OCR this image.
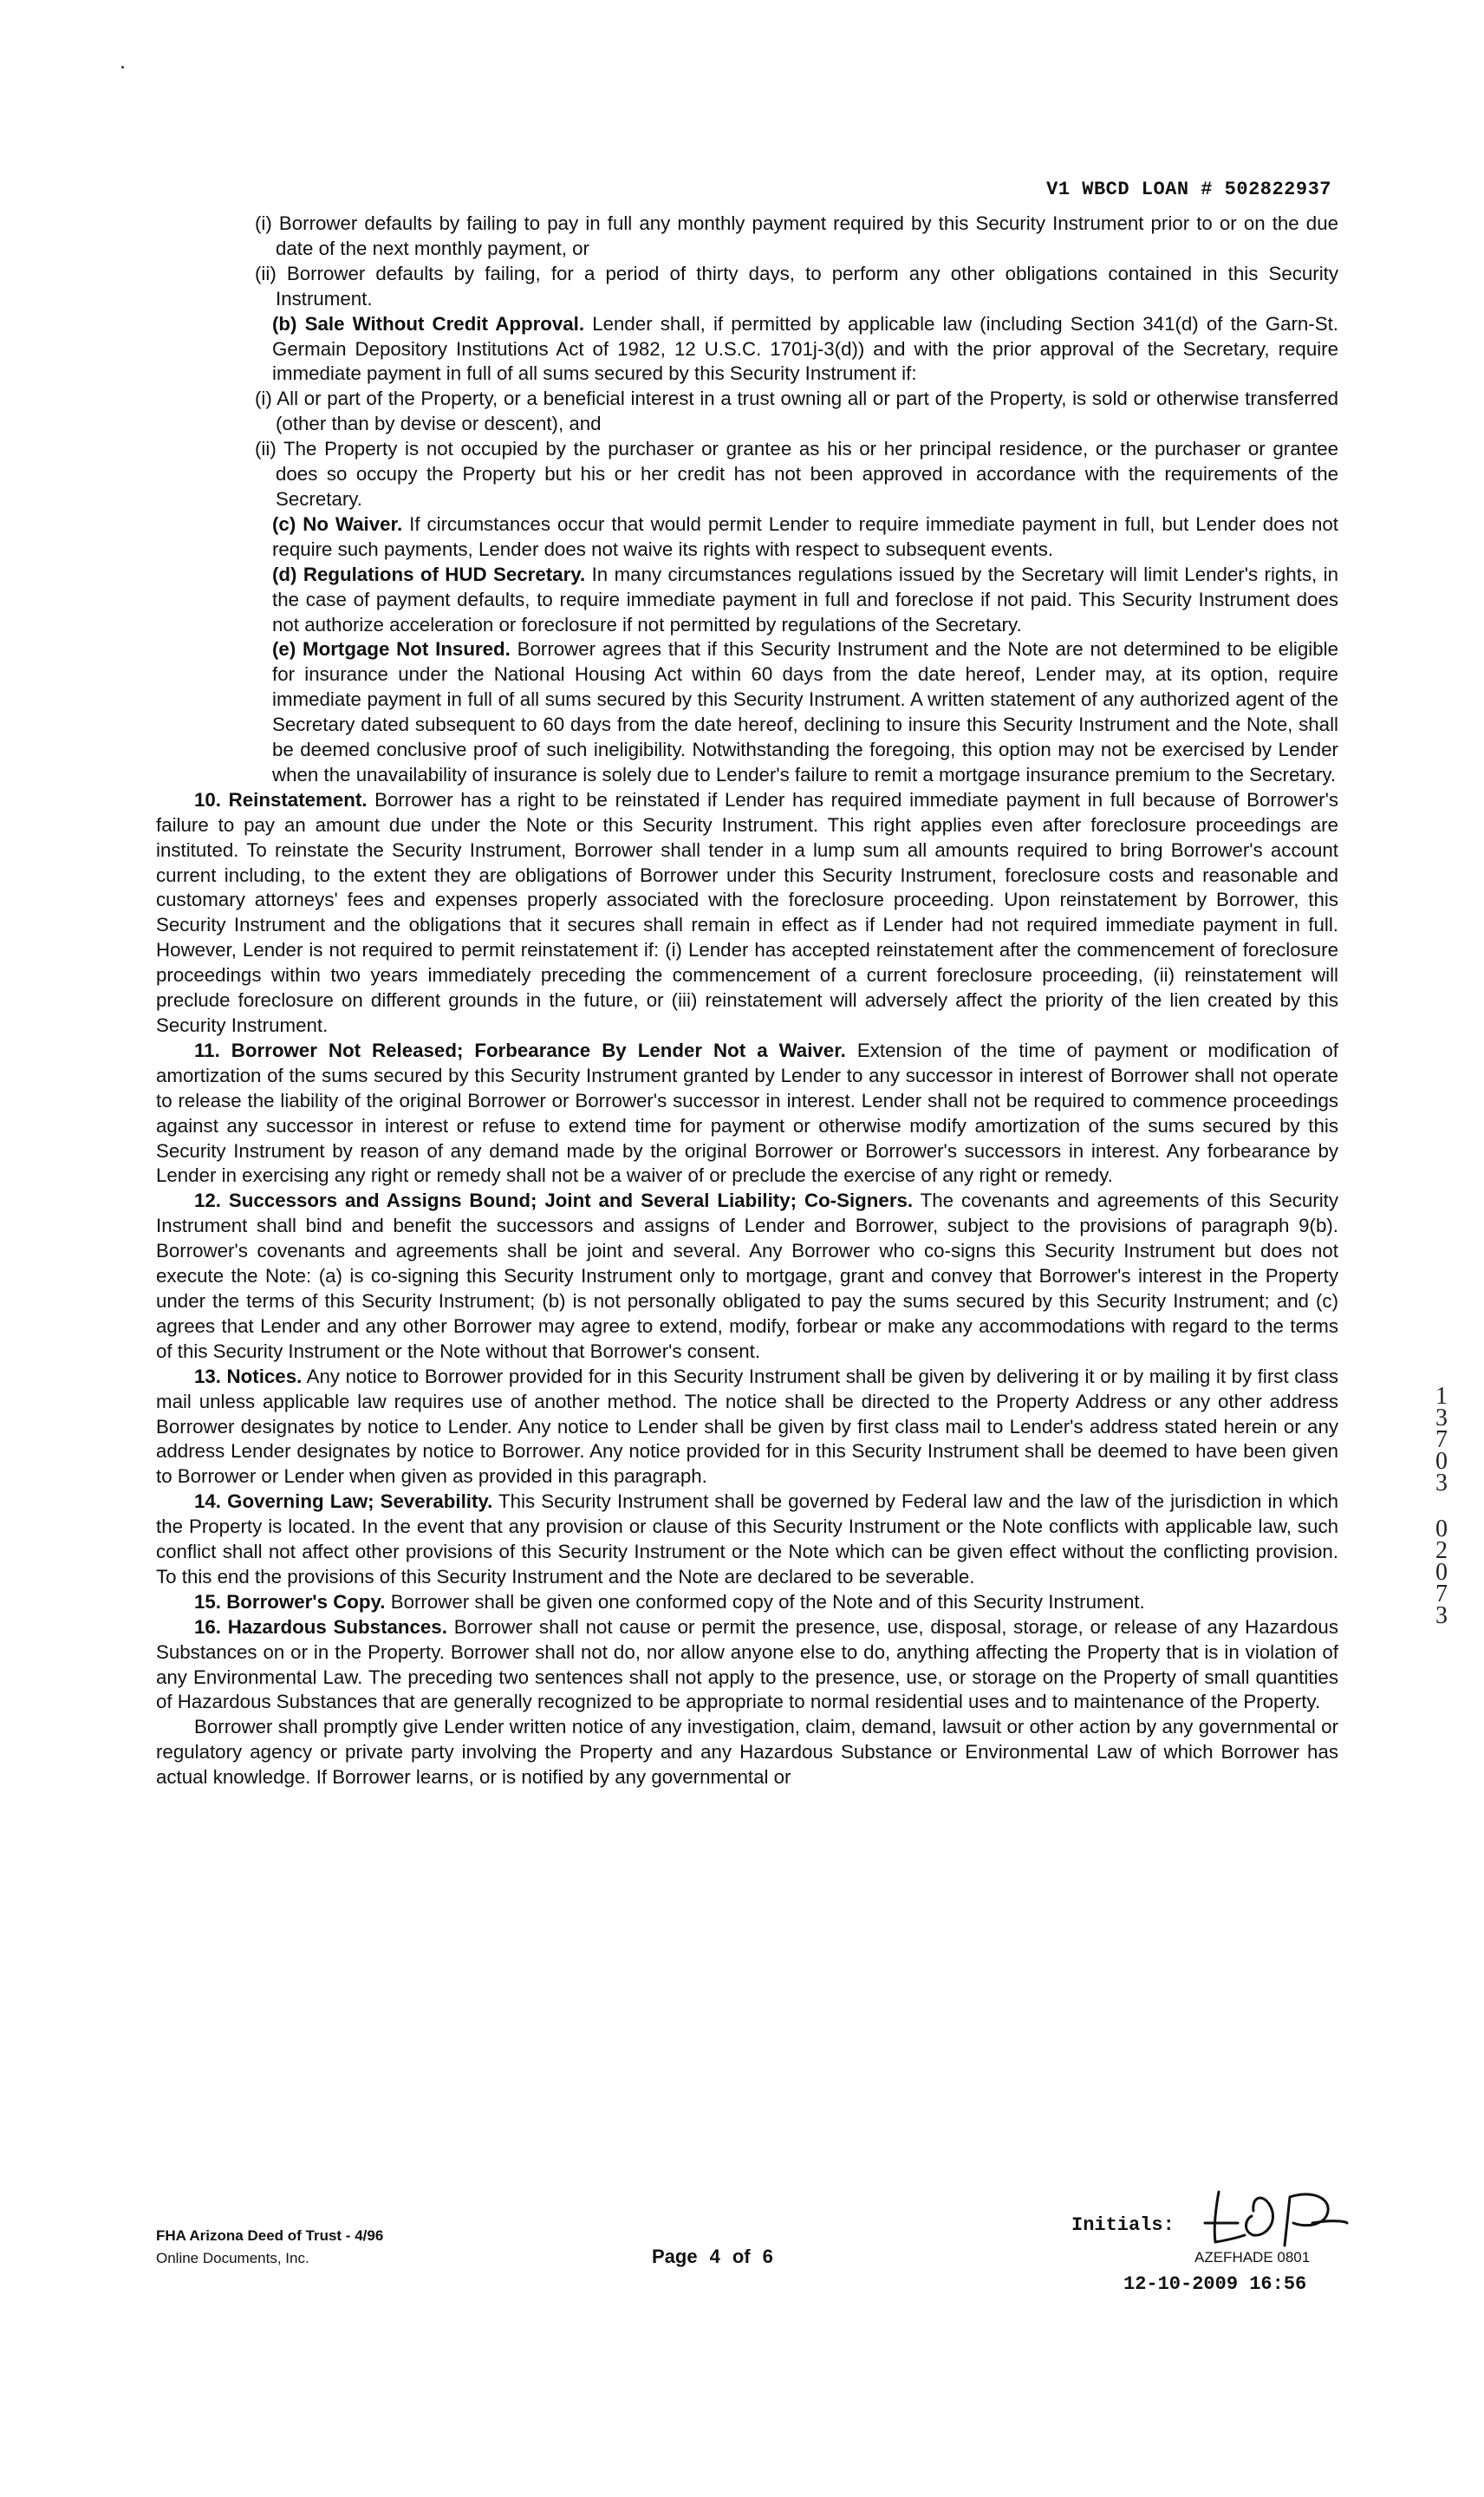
V1 WBCD LOAN # 502822937

(i) Borrower defaults by failing to pay in full any monthly payment required by this Security Instrument prior to or on the due date of the next monthly payment, or

(ii) Borrower defaults by failing, for a period of thirty days, to perform any other obligations contained in this Security Instrument.

(b) Sale Without Credit Approval. Lender shall, if permitted by applicable law (including Section 341(d) of the Garn-St. Germain Depository Institutions Act of 1982, 12 U.S.C. 1701j-3(d)) and with the prior approval of the Secretary, require immediate payment in full of all sums secured by this Security Instrument if:

(i) All or part of the Property, or a beneficial interest in a trust owning all or part of the Property, is sold or otherwise transferred (other than by devise or descent), and

(ii) The Property is not occupied by the purchaser or grantee as his or her principal residence, or the purchaser or grantee does so occupy the Property but his or her credit has not been approved in accordance with the requirements of the Secretary.

(c) No Waiver. If circumstances occur that would permit Lender to require immediate payment in full, but Lender does not require such payments, Lender does not waive its rights with respect to subsequent events.

(d) Regulations of HUD Secretary. In many circumstances regulations issued by the Secretary will limit Lender's rights, in the case of payment defaults, to require immediate payment in full and foreclose if not paid. This Security Instrument does not authorize acceleration or foreclosure if not permitted by regulations of the Secretary.

(e) Mortgage Not Insured. Borrower agrees that if this Security Instrument and the Note are not determined to be eligible for insurance under the National Housing Act within 60 days from the date hereof, Lender may, at its option, require immediate payment in full of all sums secured by this Security Instrument. A written statement of any authorized agent of the Secretary dated subsequent to 60 days from the date hereof, declining to insure this Security Instrument and the Note, shall be deemed conclusive proof of such ineligibility. Notwithstanding the foregoing, this option may not be exercised by Lender when the unavailability of insurance is solely due to Lender's failure to remit a mortgage insurance premium to the Secretary.

10. Reinstatement. Borrower has a right to be reinstated if Lender has required immediate payment in full because of Borrower's failure to pay an amount due under the Note or this Security Instrument. This right applies even after foreclosure proceedings are instituted. To reinstate the Security Instrument, Borrower shall tender in a lump sum all amounts required to bring Borrower's account current including, to the extent they are obligations of Borrower under this Security Instrument, foreclosure costs and reasonable and customary attorneys' fees and expenses properly associated with the foreclosure proceeding. Upon reinstatement by Borrower, this Security Instrument and the obligations that it secures shall remain in effect as if Lender had not required immediate payment in full. However, Lender is not required to permit reinstatement if: (i) Lender has accepted reinstatement after the commencement of foreclosure proceedings within two years immediately preceding the commencement of a current foreclosure proceeding, (ii) reinstatement will preclude foreclosure on different grounds in the future, or (iii) reinstatement will adversely affect the priority of the lien created by this Security Instrument.

11. Borrower Not Released; Forbearance By Lender Not a Waiver. Extension of the time of payment or modification of amortization of the sums secured by this Security Instrument granted by Lender to any successor in interest of Borrower shall not operate to release the liability of the original Borrower or Borrower's successor in interest. Lender shall not be required to commence proceedings against any successor in interest or refuse to extend time for payment or otherwise modify amortization of the sums secured by this Security Instrument by reason of any demand made by the original Borrower or Borrower's successors in interest. Any forbearance by Lender in exercising any right or remedy shall not be a waiver of or preclude the exercise of any right or remedy.

12. Successors and Assigns Bound; Joint and Several Liability; Co-Signers. The covenants and agreements of this Security Instrument shall bind and benefit the successors and assigns of Lender and Borrower, subject to the provisions of paragraph 9(b). Borrower's covenants and agreements shall be joint and several. Any Borrower who co-signs this Security Instrument but does not execute the Note: (a) is co-signing this Security Instrument only to mortgage, grant and convey that Borrower's interest in the Property under the terms of this Security Instrument; (b) is not personally obligated to pay the sums secured by this Security Instrument; and (c) agrees that Lender and any other Borrower may agree to extend, modify, forbear or make any accommodations with regard to the terms of this Security Instrument or the Note without that Borrower's consent.

13. Notices. Any notice to Borrower provided for in this Security Instrument shall be given by delivering it or by mailing it by first class mail unless applicable law requires use of another method. The notice shall be directed to the Property Address or any other address Borrower designates by notice to Lender. Any notice to Lender shall be given by first class mail to Lender's address stated herein or any address Lender designates by notice to Borrower. Any notice provided for in this Security Instrument shall be deemed to have been given to Borrower or Lender when given as provided in this paragraph.

14. Governing Law; Severability. This Security Instrument shall be governed by Federal law and the law of the jurisdiction in which the Property is located. In the event that any provision or clause of this Security Instrument or the Note conflicts with applicable law, such conflict shall not affect other provisions of this Security Instrument or the Note which can be given effect without the conflicting provision. To this end the provisions of this Security Instrument and the Note are declared to be severable.

15. Borrower's Copy. Borrower shall be given one conformed copy of the Note and of this Security Instrument.

16. Hazardous Substances. Borrower shall not cause or permit the presence, use, disposal, storage, or release of any Hazardous Substances on or in the Property. Borrower shall not do, nor allow anyone else to do, anything affecting the Property that is in violation of any Environmental Law. The preceding two sentences shall not apply to the presence, use, or storage on the Property of small quantities of Hazardous Substances that are generally recognized to be appropriate to normal residential uses and to maintenance of the Property.

Borrower shall promptly give Lender written notice of any investigation, claim, demand, lawsuit or other action by any governmental or regulatory agency or private party involving the Property and any Hazardous Substance or Environmental Law of which Borrower has actual knowledge. If Borrower learns, or is notified by any governmental or

1
3
7
0
3
0
2
0
7
3
FHA Arizona Deed of Trust - 4/96
Online Documents, Inc.	Page 4 of 6
Initials:
AZEFHADE 0801
12-10-2009 16:56
